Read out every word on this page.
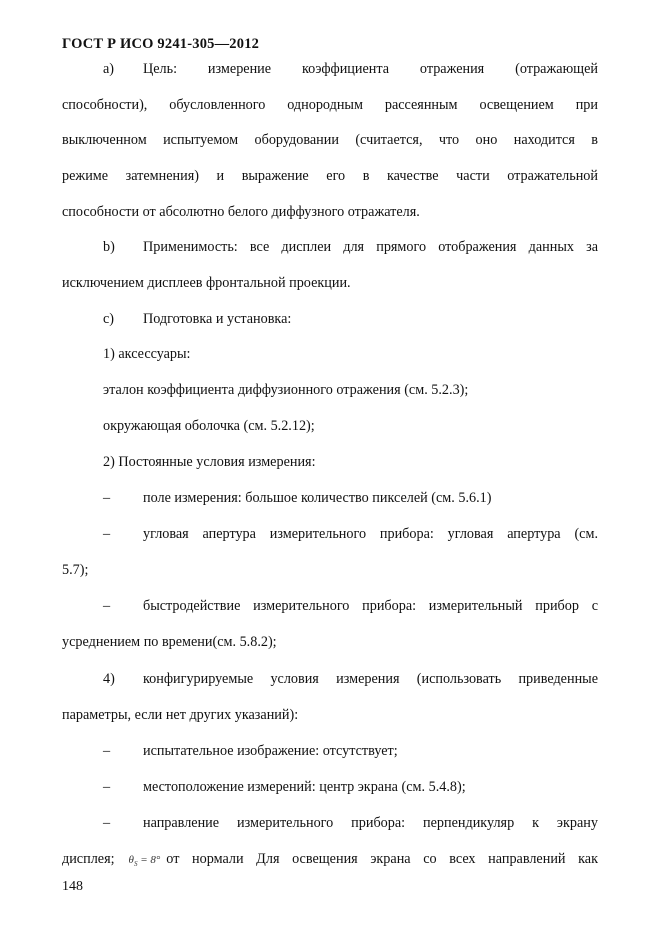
ГОСТ Р ИСО 9241-305—2012
а) Цель: измерение коэффициента отражения (отражающей
способности), обусловленного однородным рассеянным освещением при
выключенном испытуемом оборудовании (считается, что оно находится в
режиме затемнения) и выражение его в качестве части отражательной
способности от абсолютно белого диффузного отражателя.
b) Применимость: все дисплеи для прямого отображения данных за
исключением дисплеев фронтальной проекции.
с) Подготовка и установка:
1) аксессуары:
эталон коэффициента диффузионного отражения (см. 5.2.3);
окружающая оболочка (см. 5.2.12);
2) Постоянные условия измерения:
– поле измерения: большое количество пикселей (см. 5.6.1)
– угловая апертура измерительного прибора: угловая апертура (см.
5.7);
– быстродействие измерительного прибора: измерительный прибор с
усреднением по времени(см. 5.8.2);
4) конфигурируемые условия измерения (использовать приведенные
параметры, если нет других указаний):
– испытательное изображение: отсутствует;
– местоположение измерений: центр экрана (см. 5.4.8);
– направление измерительного прибора: перпендикуляр к экрану
дисплея; $\theta_S = 8^\circ$ от нормали Для освещения экрана со всех направлений как
148
